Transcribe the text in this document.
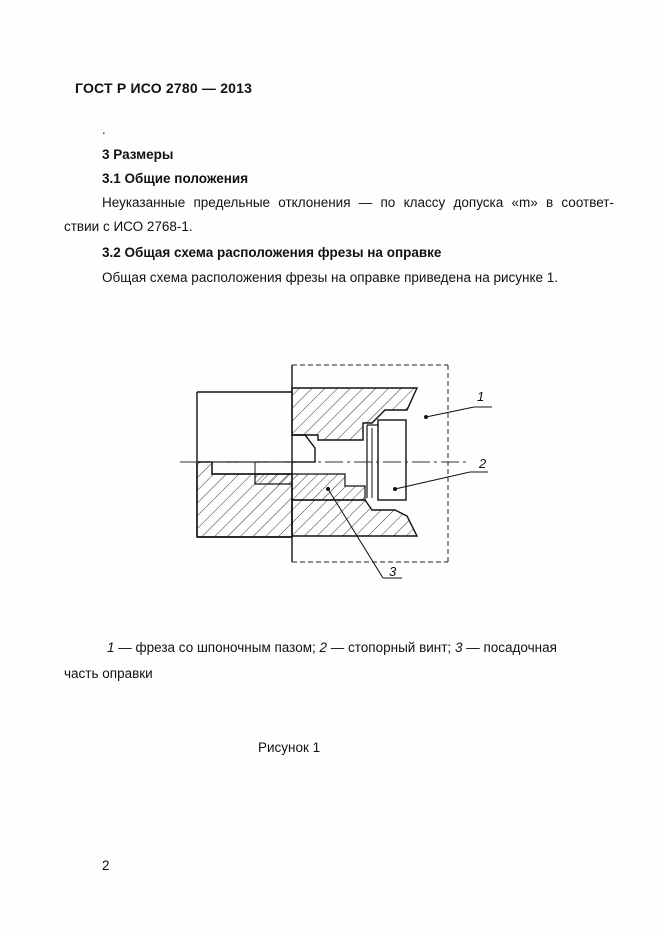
ГОСТ Р ИСО 2780 — 2013
.
3 Размеры
3.1 Общие положения
Неуказанные предельные отклонения — по классу допуска «m» в соответ-
ствии с ИСО 2768-1.
3.2 Общая схема расположения фрезы на оправке
Общая схема расположения фрезы на оправке приведена на рисунке 1.
1
2
3
1 — фреза со шпоночным пазом; 2 — стопорный винт; 3 — посадочная
часть оправки
Рисунок 1
2
